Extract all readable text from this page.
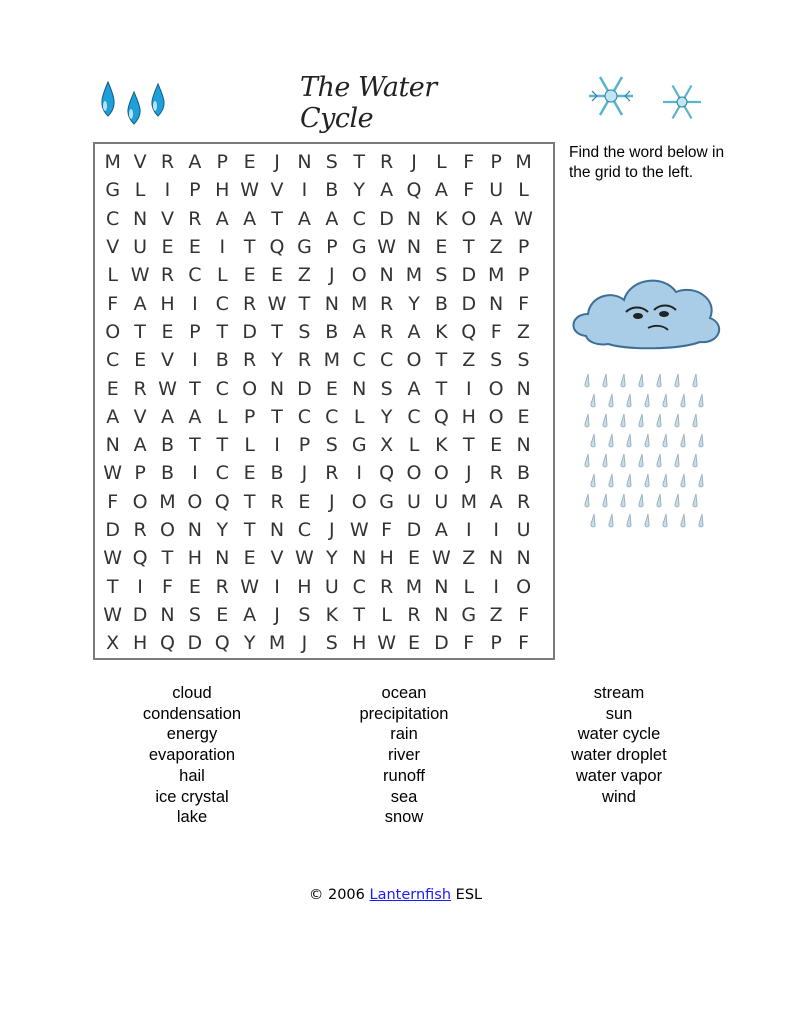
The Water Cycle
M V R A P E J N S T R J	L F P M
G L	I P H W V I B Y A Q A F U L
C N V R A A T A A C D N K O A W
V U E E I T Q G P G W N E T Z P
L W R C L E E Z J O N M S D M P
F A H I C R W T N M R Y B D N F
O T E P T D T S B A R A K Q F Z
C E V I B R Y R M C C O T Z S S
E R W T C O N D E N S A T I O N
A V A A L P T C C L Y C Q H O E
N A B T T L	I P S G X L K T E N
W P B I C E B J R I Q O O J R B
F O M O Q T R E J O G U U M A R
D R O N Y T N C J W F D A I	I U
W Q T H N E V W Y N H E W Z N N
T I	F E R W I H U C R M N L	I O
W D N S E A J S K T L R N G Z F
X H Q D Q Y M J S H W E D F P F
Find the word below in the grid to the left.
cloud
condensation
energy
evaporation
hail
ice crystal
lake
ocean
precipitation
rain
river
runoff
sea
snow
stream
sun
water cycle
water droplet
water vapor
wind
© 2006 Lanternfish ESL
